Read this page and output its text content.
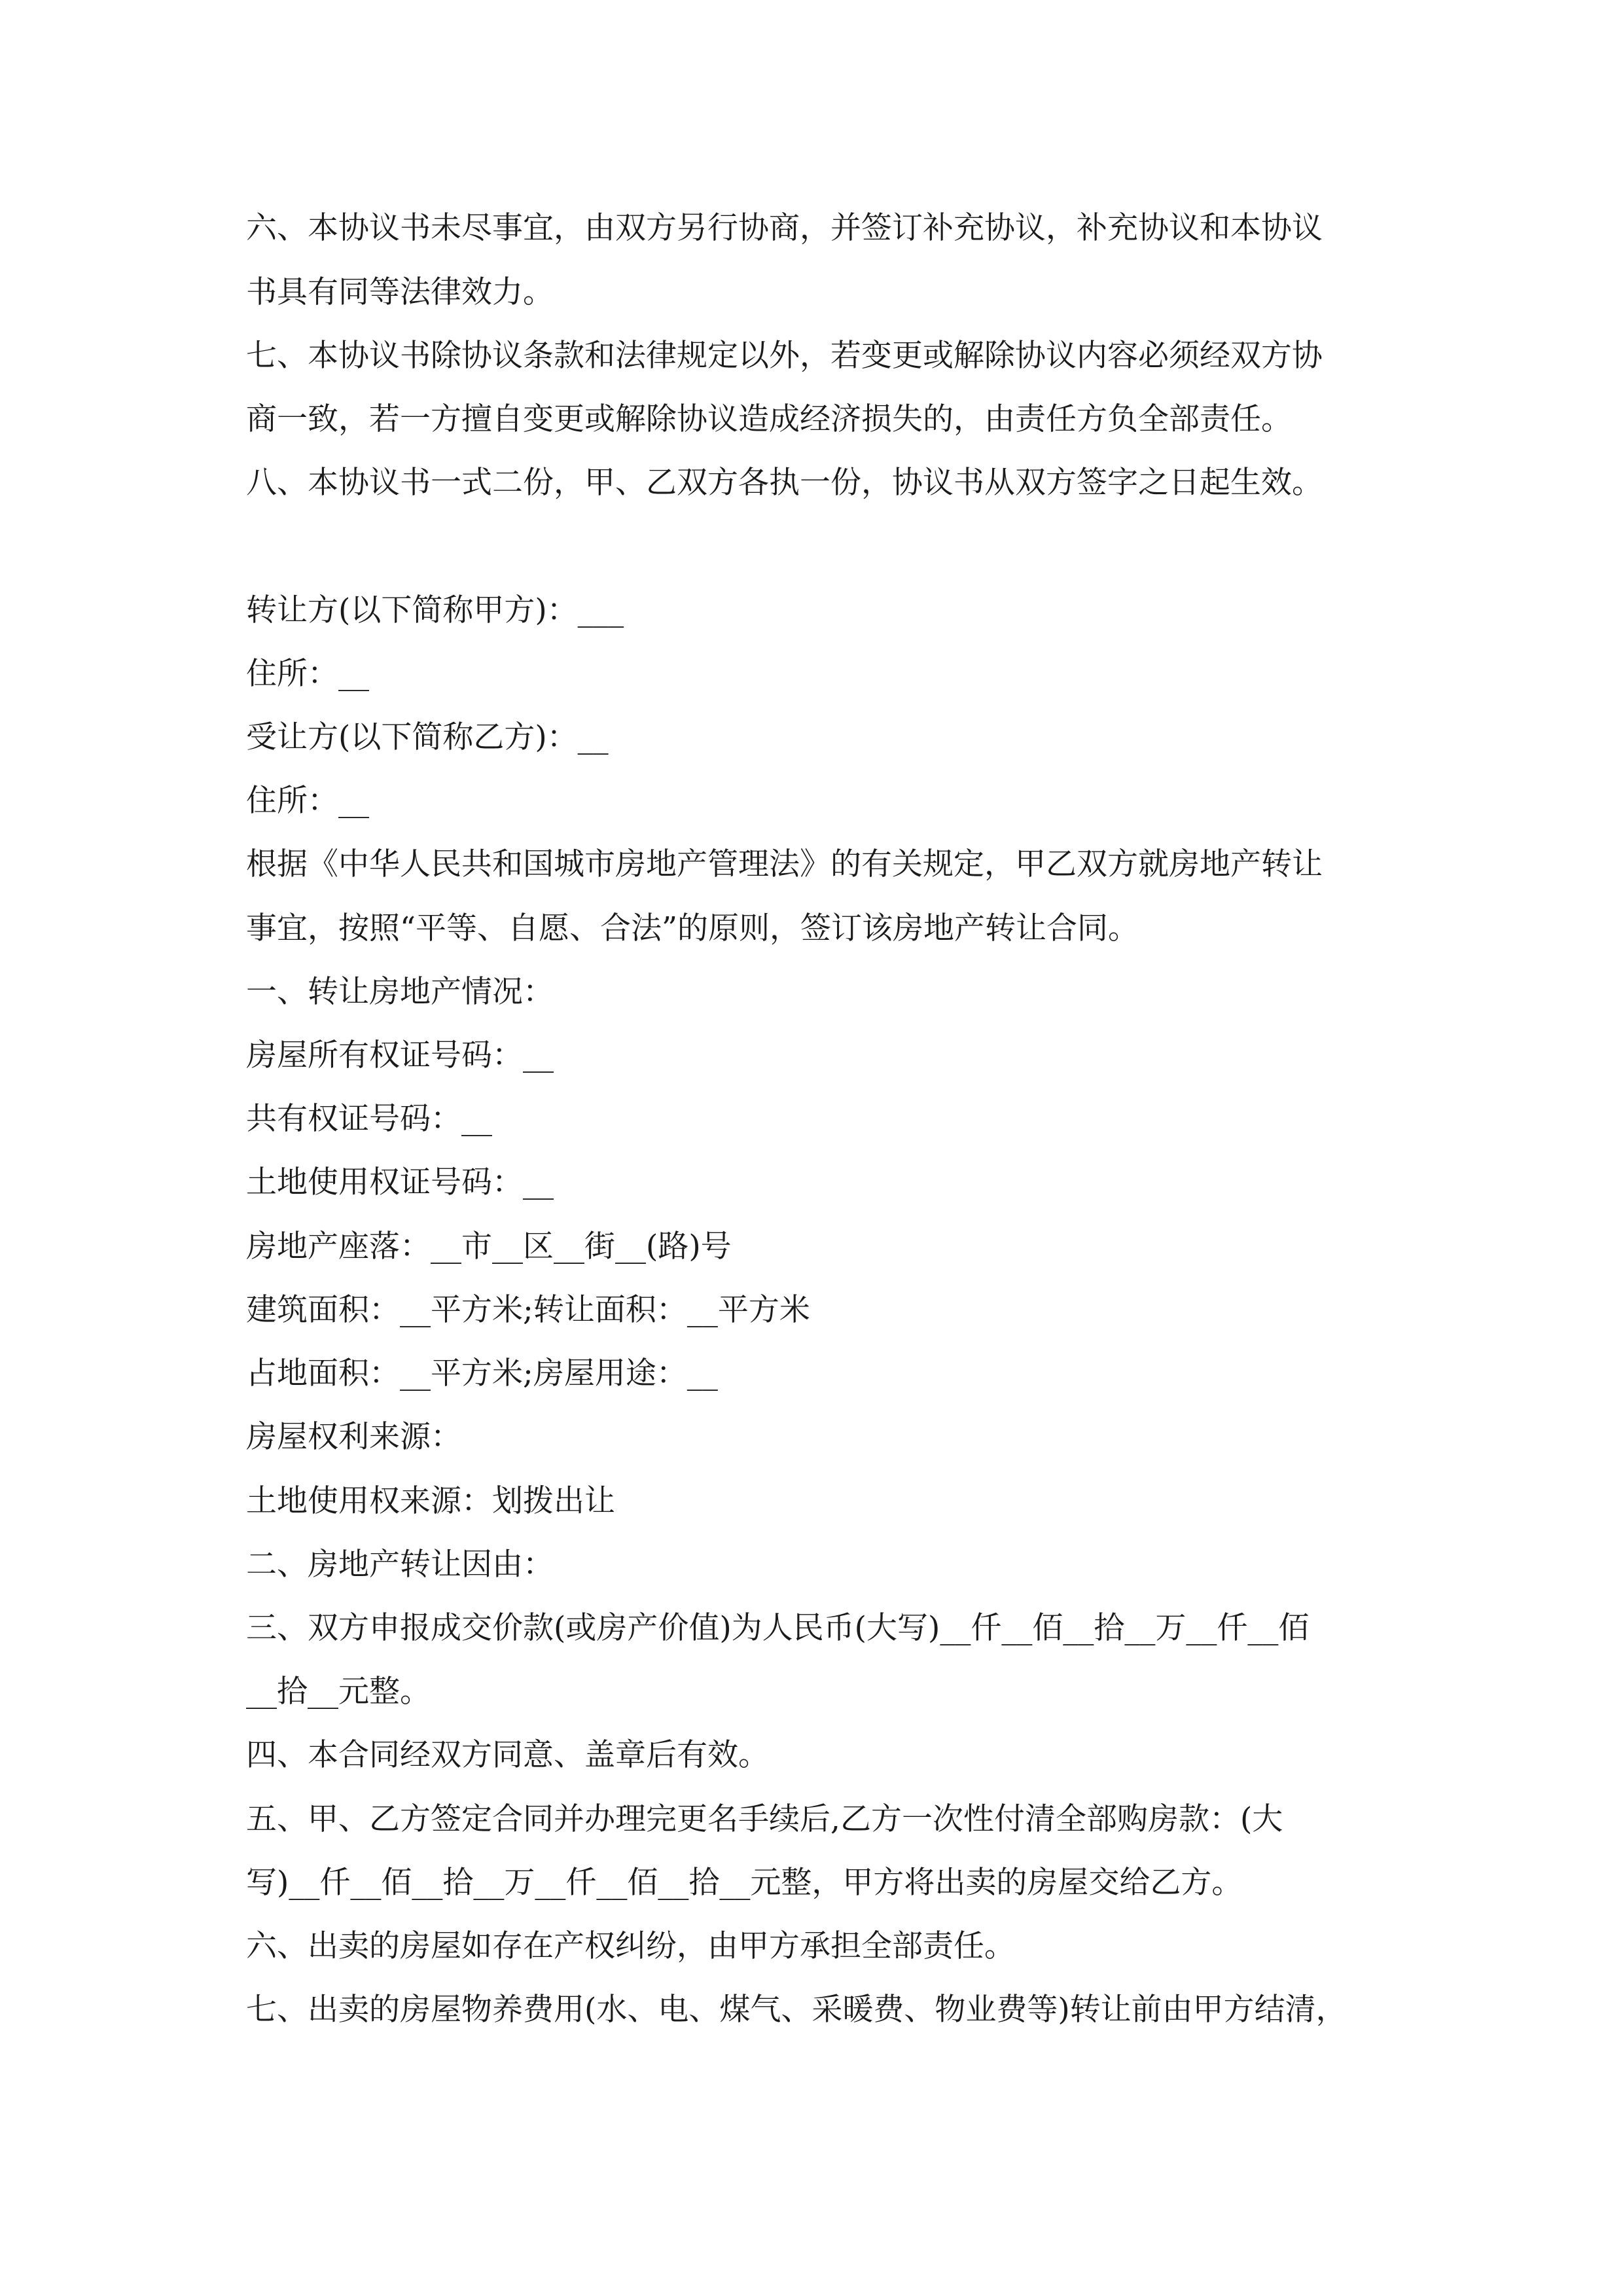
六、本协议书未尽事宜，由双方另行协商，并签订补充协议，补充协议和本协议
书具有同等法律效力。
七、本协议书除协议条款和法律规定以外，若变更或解除协议内容必须经双方协
商一致，若一方擅自变更或解除协议造成经济损失的，由责任方负全部责任。
八、本协议书一式二份，甲、乙双方各执一份，协议书从双方签字之日起生效。
转让方(以下简称甲方)：___
住所：__
受让方(以下简称乙方)：__
住所：__
根据《中华人民共和国城市房地产管理法》的有关规定，甲乙双方就房地产转让
事宜，按照“平等、自愿、合法”的原则，签订该房地产转让合同。
一、转让房地产情况：
房屋所有权证号码：__
共有权证号码：__
土地使用权证号码：__
房地产座落：__市__区__街__(路)号
建筑面积：__平方米;转让面积：__平方米
占地面积：__平方米;房屋用途：__
房屋权利来源：
土地使用权来源：划拨出让
二、房地产转让因由：
三、双方申报成交价款(或房产价值)为人民币(大写)__仟__佰__拾__万__仟__佰
__拾__元整。
四、本合同经双方同意、盖章后有效。
五、甲、乙方签定合同并办理完更名手续后,乙方一次性付清全部购房款：(大
写)__仟__佰__拾__万__仟__佰__拾__元整，甲方将出卖的房屋交给乙方。
六、出卖的房屋如存在产权纠纷，由甲方承担全部责任。
七、出卖的房屋物养费用(水、电、煤气、采暖费、物业费等)转让前由甲方结清，
